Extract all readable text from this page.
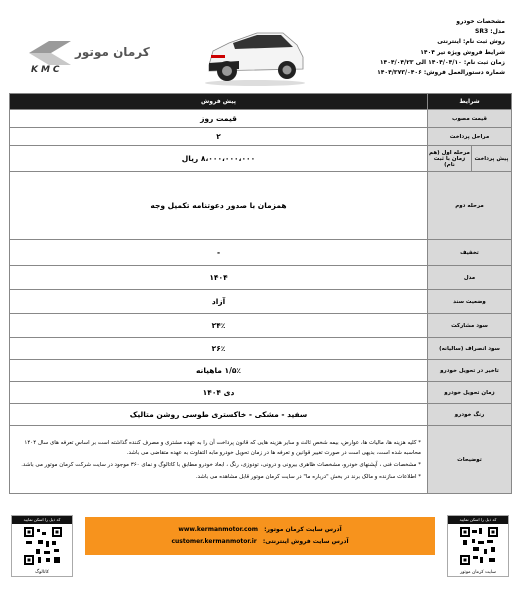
کرمان موتور
KMC
مشخصات خودرو
مدل: SR3
روش ثبت نام: اینترنتی
شرایط فروش ویژه تیر ۱۴۰۴
زمان ثبت نام: ۱۴۰۴/۰۴/۱۰ الی ۱۴۰۴/۰۴/۲۳
شماره دستورالعمل فروش: ۱۴۰۴/۳۷۳/۰۴۰۶
شرایط		پیش فروش
قیمت مصوب		قیمت روز
مراحل پرداخت		۲
پیش پرداخت	مرحله اول (هم زمان با ثبت نام)	۸،۰۰۰،۰۰۰،۰۰۰ ریال
مرحله دوم		همزمان با صدور دعوتنامه تکمیل وجه
تخفیف		-
مدل		۱۴۰۴
وضعیت سند		آزاد
سود مشارکت		۲۴٪
سود انصراف (سالیانه)		۲۶٪
تاخیر در تحویل خودرو		۱/۵٪ ماهیانه
زمان تحویل خودرو		دی ۱۴۰۴
رنگ خودرو		سفید - مشکی - خاکستری طوسی روشن متالیک
توضیحات		* کلیه هزینه ها، مالیات ها، عوارض، بیمه شخص ثالث و سایر هزینه هایی که قانون پرداخت آن را به عهده مشتری و مصرف کننده گذاشته است بر اساس تعرفه های سال ۱۴۰۴ محاسبه شده است، بدیهی است در صورت تغییر قوانین و تعرفه ها در زمان تحویل خودرو مابه التفاوت به عهده متقاضی می باشد.

* مشخصات فنی ، آپشنهای خودرو، مشخصات ظاهری بیرونی و درونی، تودوزی، رنگ ، ابعاد خودرو مطابق با کاتالوگ و نمای ۳۶۰ موجود در سایت شرکت کرمان موتور می باشد.

* اطلاعات سازنده و مالک برند در بخش "درباره ما" در سایت کرمان موتور قابل مشاهده می باشد.

کد ذیل را اسکن نمایید
کاتالوگ
آدرس سایت کرمان موتور: www.kermanmotor.com
آدرس سایت فروش اینترنتی: customer.kermanmotor.ir
کد ذیل را اسکن نمایید
سایت کرمان موتور
